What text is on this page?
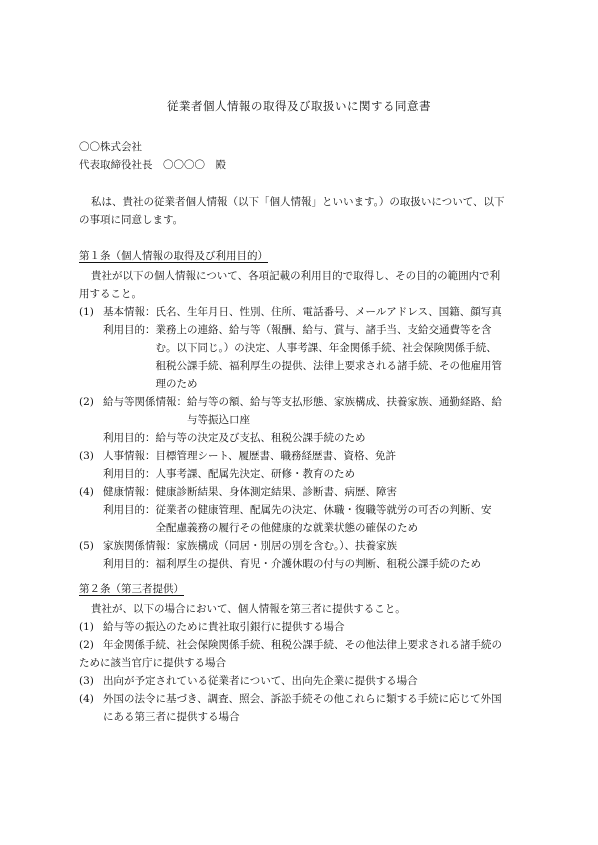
従業者個人情報の取得及び取扱いに関する同意書
〇〇株式会社
代表取締役社長　〇〇〇〇　殿
私は、貴社の従業者個人情報（以下「個人情報」といいます。）の取扱いについて、以下
の事項に同意します。
第１条（個人情報の取得及び利用目的）
貴社が以下の個人情報について、各項記載の利用目的で取得し、その目的の範囲内で利
用すること。
(1) 基本情報： 氏名、生年月日、性別、住所、電話番号、メールアドレス、国籍、顔写真
利用目的： 業務上の連絡、給与等（報酬、給与、賞与、諸手当、支給交通費等を含
む。以下同じ。）の決定、人事考課、年金関係手続、社会保険関係手続、
租税公課手続、福利厚生の提供、法律上要求される諸手続、その他雇用管
理のため
(2) 給与等関係情報： 給与等の額、給与等支払形態、家族構成、扶養家族、通勤経路、給
与等振込口座
利用目的： 給与等の決定及び支払、租税公課手続のため
(3) 人事情報： 目標管理シート、履歴書、職務経歴書、資格、免許
利用目的： 人事考課、配属先決定、研修・教育のため
(4) 健康情報： 健康診断結果、身体測定結果、診断書、病歴、障害
利用目的： 従業者の健康管理、配属先の決定、休職・復職等就労の可否の判断、安
全配慮義務の履行その他健康的な就業状態の確保のため
(5) 家族関係情報： 家族構成（同居・別居の別を含む。）、扶養家族
利用目的： 福利厚生の提供、育児・介護休暇の付与の判断、租税公課手続のため
第２条（第三者提供）
貴社が、以下の場合において、個人情報を第三者に提供すること。
(1) 給与等の振込のために貴社取引銀行に提供する場合
(2) 年金関係手続、社会保険関係手続、租税公課手続、その他法律上要求される諸手続の
ために該当官庁に提供する場合
(3) 出向が予定されている従業者について、出向先企業に提供する場合
(4) 外国の法令に基づき、調査、照会、訴訟手続その他これらに類する手続に応じて外国
にある第三者に提供する場合
